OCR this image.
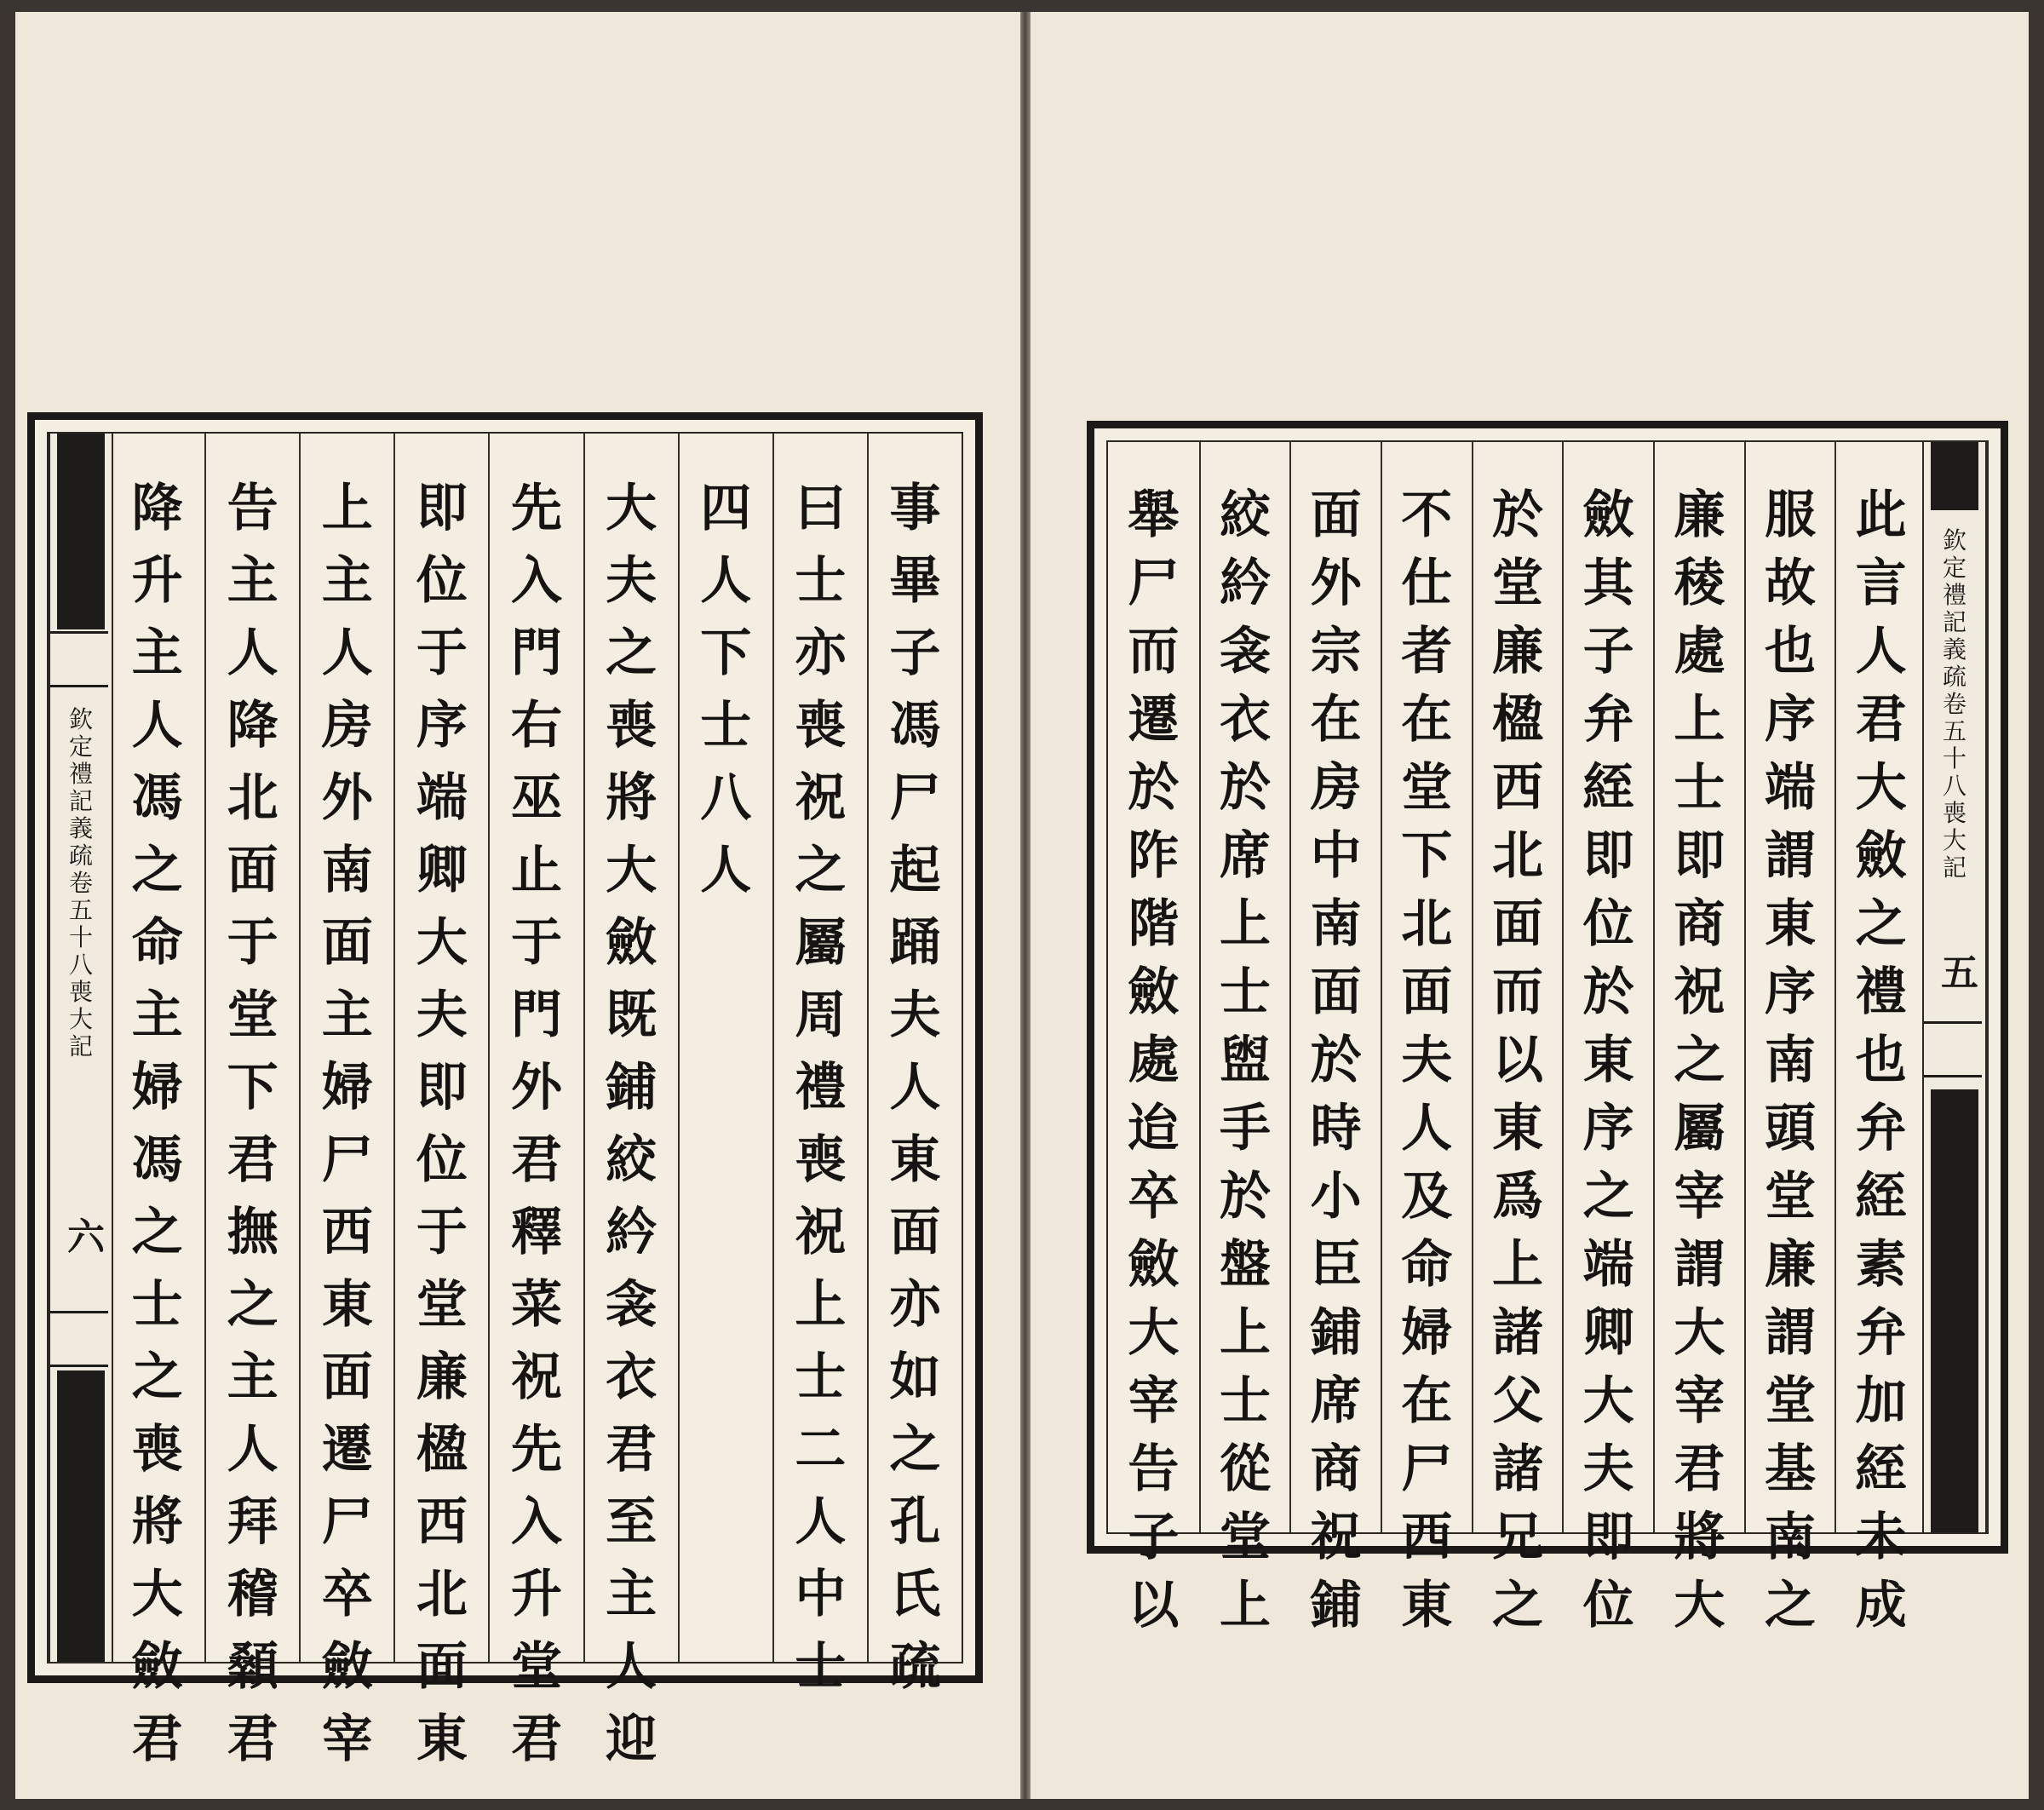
事畢子馮尸起踊夫人東面亦如之孔氏疏
曰士亦喪祝之屬周禮喪祝上士二人中士
四人下士八人
大夫之喪將大斂既鋪絞紟衾衣君至主人迎
先入門右巫止于門外君釋菜祝先入升堂君
即位于序端卿大夫即位于堂廉楹西北面東
上主人房外南面主婦尸西東面遷尸卒斂宰
告主人降北面于堂下君撫之主人拜稽顙君
降升主人馮之命主婦馮之士之喪將大斂君
欽定禮記義疏卷五十八喪大記
六
此言人君大斂之禮也弁絰素弁加絰未成
服故也序端謂東序南頭堂廉謂堂基南之
廉稜處上士即商祝之屬宰謂大宰君將大
斂其子弁絰即位於東序之端卿大夫即位
於堂廉楹西北面而以東爲上諸父諸兄之
不仕者在堂下北面夫人及命婦在尸西東
面外宗在房中南面於時小臣鋪席商祝鋪
絞紟衾衣於席上士盥手於盤上士從堂上
舉尸而遷於阼階斂處迨卒斂大宰告子以
欽定禮記義疏卷五十八喪大記
五
